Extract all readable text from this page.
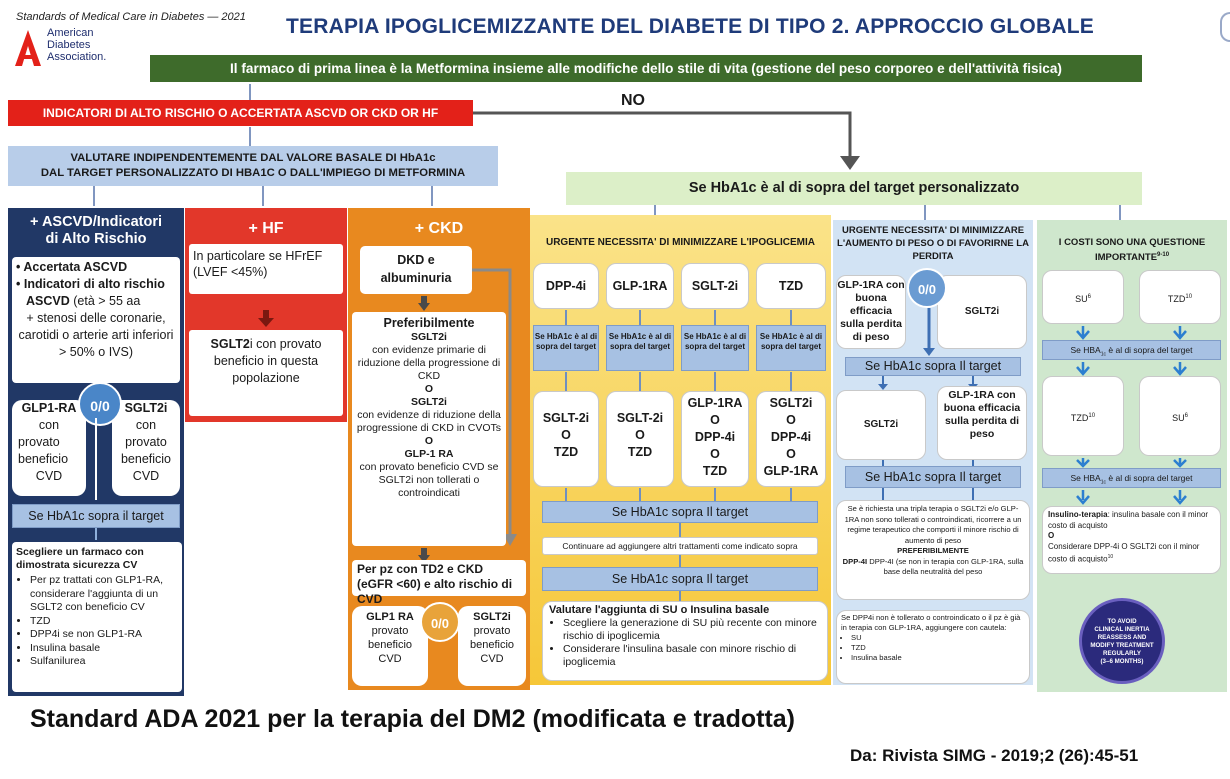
Standards of Medical Care in Diabetes — 2021 TERAPIA IPOGLICEMIZZANTE DEL DIABETE DI TIPO 2. APPROCCIO GLOBALE
American
Diabetes
Association.
Il farmaco di prima linea è la Metformina insieme alle modifiche dello stile di vita (gestione del peso corporeo e dell'attività fisica)
INDICATORI DI ALTO RISCHIO O ACCERTATA ASCVD OR CKD OR HF
NO
VALUTARE INDIPENDENTEMENTE DAL VALORE BASALE DI HbA1c
DAL TARGET PERSONALIZZATO DI HBA1C O DALL'IMPIEGO DI METFORMINA
Se HbA1c è al di sopra del target personalizzato
+ ASCVD/Indicatori
di Alto Rischio
• Accertata ASCVD
• Indicatori di alto rischio
ASCVD (età > 55 aa
+ stenosi delle coronarie, carotidi o arterie arti inferiori > 50% o IVS)
GLP1-RA
con
provato
beneficio
CVD
SGLT2i
con
provato
beneficio
CVD
0/0
Se HbA1c sopra il target
Scegliere un farmaco con dimostrata sicurezza CV
• Per pz trattati con GLP1-RA, considerare l'aggiunta di un SGLT2 con beneficio CV
• TZD
• DPP4i se non GLP1-RA
• Insulina basale
• Sulfanilurea
+ HF
In particolare se HFrEF (LVEF <45%)
SGLT2i con provato beneficio in questa popolazione
+ CKD
DKD e
albuminuria
Preferibilmente
SGLT2i
con evidenze primarie di riduzione della progressione di CKD
O
SGLT2i
con evidenze di riduzione della progressione di CKD in CVOTs
O
GLP-1 RA
con provato beneficio CVD se SGLT2i non tollerati o controindicati
Per pz con TD2 e CKD (eGFR <60) e alto rischio di CVD
GLP1 RA
provato
beneficio
CVD
SGLT2i
provato
beneficio
CVD
0/0
URGENTE NECESSITA' DI MINIMIZZARE L'IPOGLICEMIA
DPP-4i	GLP-1RA	SGLT-2i	TZD
Se HbA1c è al di sopra del target
Se HbA1c è al di sopra del target
Se HbA1c è al di sopra del target
Se HbA1c è al di sopra del target
SGLT-2i
O
TZD
SGLT-2i
O
TZD
GLP-1RA
O
DPP-4i
O
TZD
SGLT2i
O
DPP-4i
O
GLP-1RA
Se HbA1c sopra Il target
Continuare ad aggiungere altri trattamenti come indicato sopra
Se HbA1c sopra Il target
Valutare l'aggiunta di SU o Insulina basale
• Scegliere la generazione di SU più recente con minore rischio di ipoglicemia
• Considerare l'insulina basale con minore rischio di ipoglicemia
URGENTE NECESSITA' DI MINIMIZZARE L'AUMENTO DI PESO O DI FAVORIRNE LA PERDITA
GLP-1RA con buona efficacia sulla perdita di peso
SGLT2i
0/0
Se HbA1c sopra Il target
SGLT2i
GLP-1RA con buona efficacia sulla perdita di peso
Se HbA1c sopra Il target
Se è richiesta una tripla terapia o SGLT2i e/o GLP-1RA non sono tollerati o controindicati, ricorrere a un regime terapeutico che comporti il minore rischio di aumento di peso
PREFERIBILMENTE
DPP-4I DPP-4I (se non in terapia con GLP-1RA, sulla base della neutralità del peso
Se DPP4i non è tollerato o controindicato o il pz è già in terapia con GLP-1RA, aggiungere con cautela:
• SU
• TZD
• Insulina basale
I COSTI SONO UNA QUESTIONE IMPORTANTE$^{9-10}$
$SU^6$	TZD$^{10}$
Se $HBA_{1c}$ è al di sopra del target
TZD$^{10}$	$SU^6$
Se $HBA_{1c}$ è al di sopra del target
Insulino-terapia: insulina basale con il minor costo di acquisto
O
Considerare DPP-4i O SGLT2i con il minor costo di acquisto$^{10}$
TO AVOID
CLINICAL INERTIA
REASSESS AND
MODIFY TREATMENT
REGULARLY
(3–6 MONTHS)
Standard ADA 2021 per la terapia del DM2 (modificata e tradotta)
Da: Rivista SIMG - 2019;2 (26):45-51
